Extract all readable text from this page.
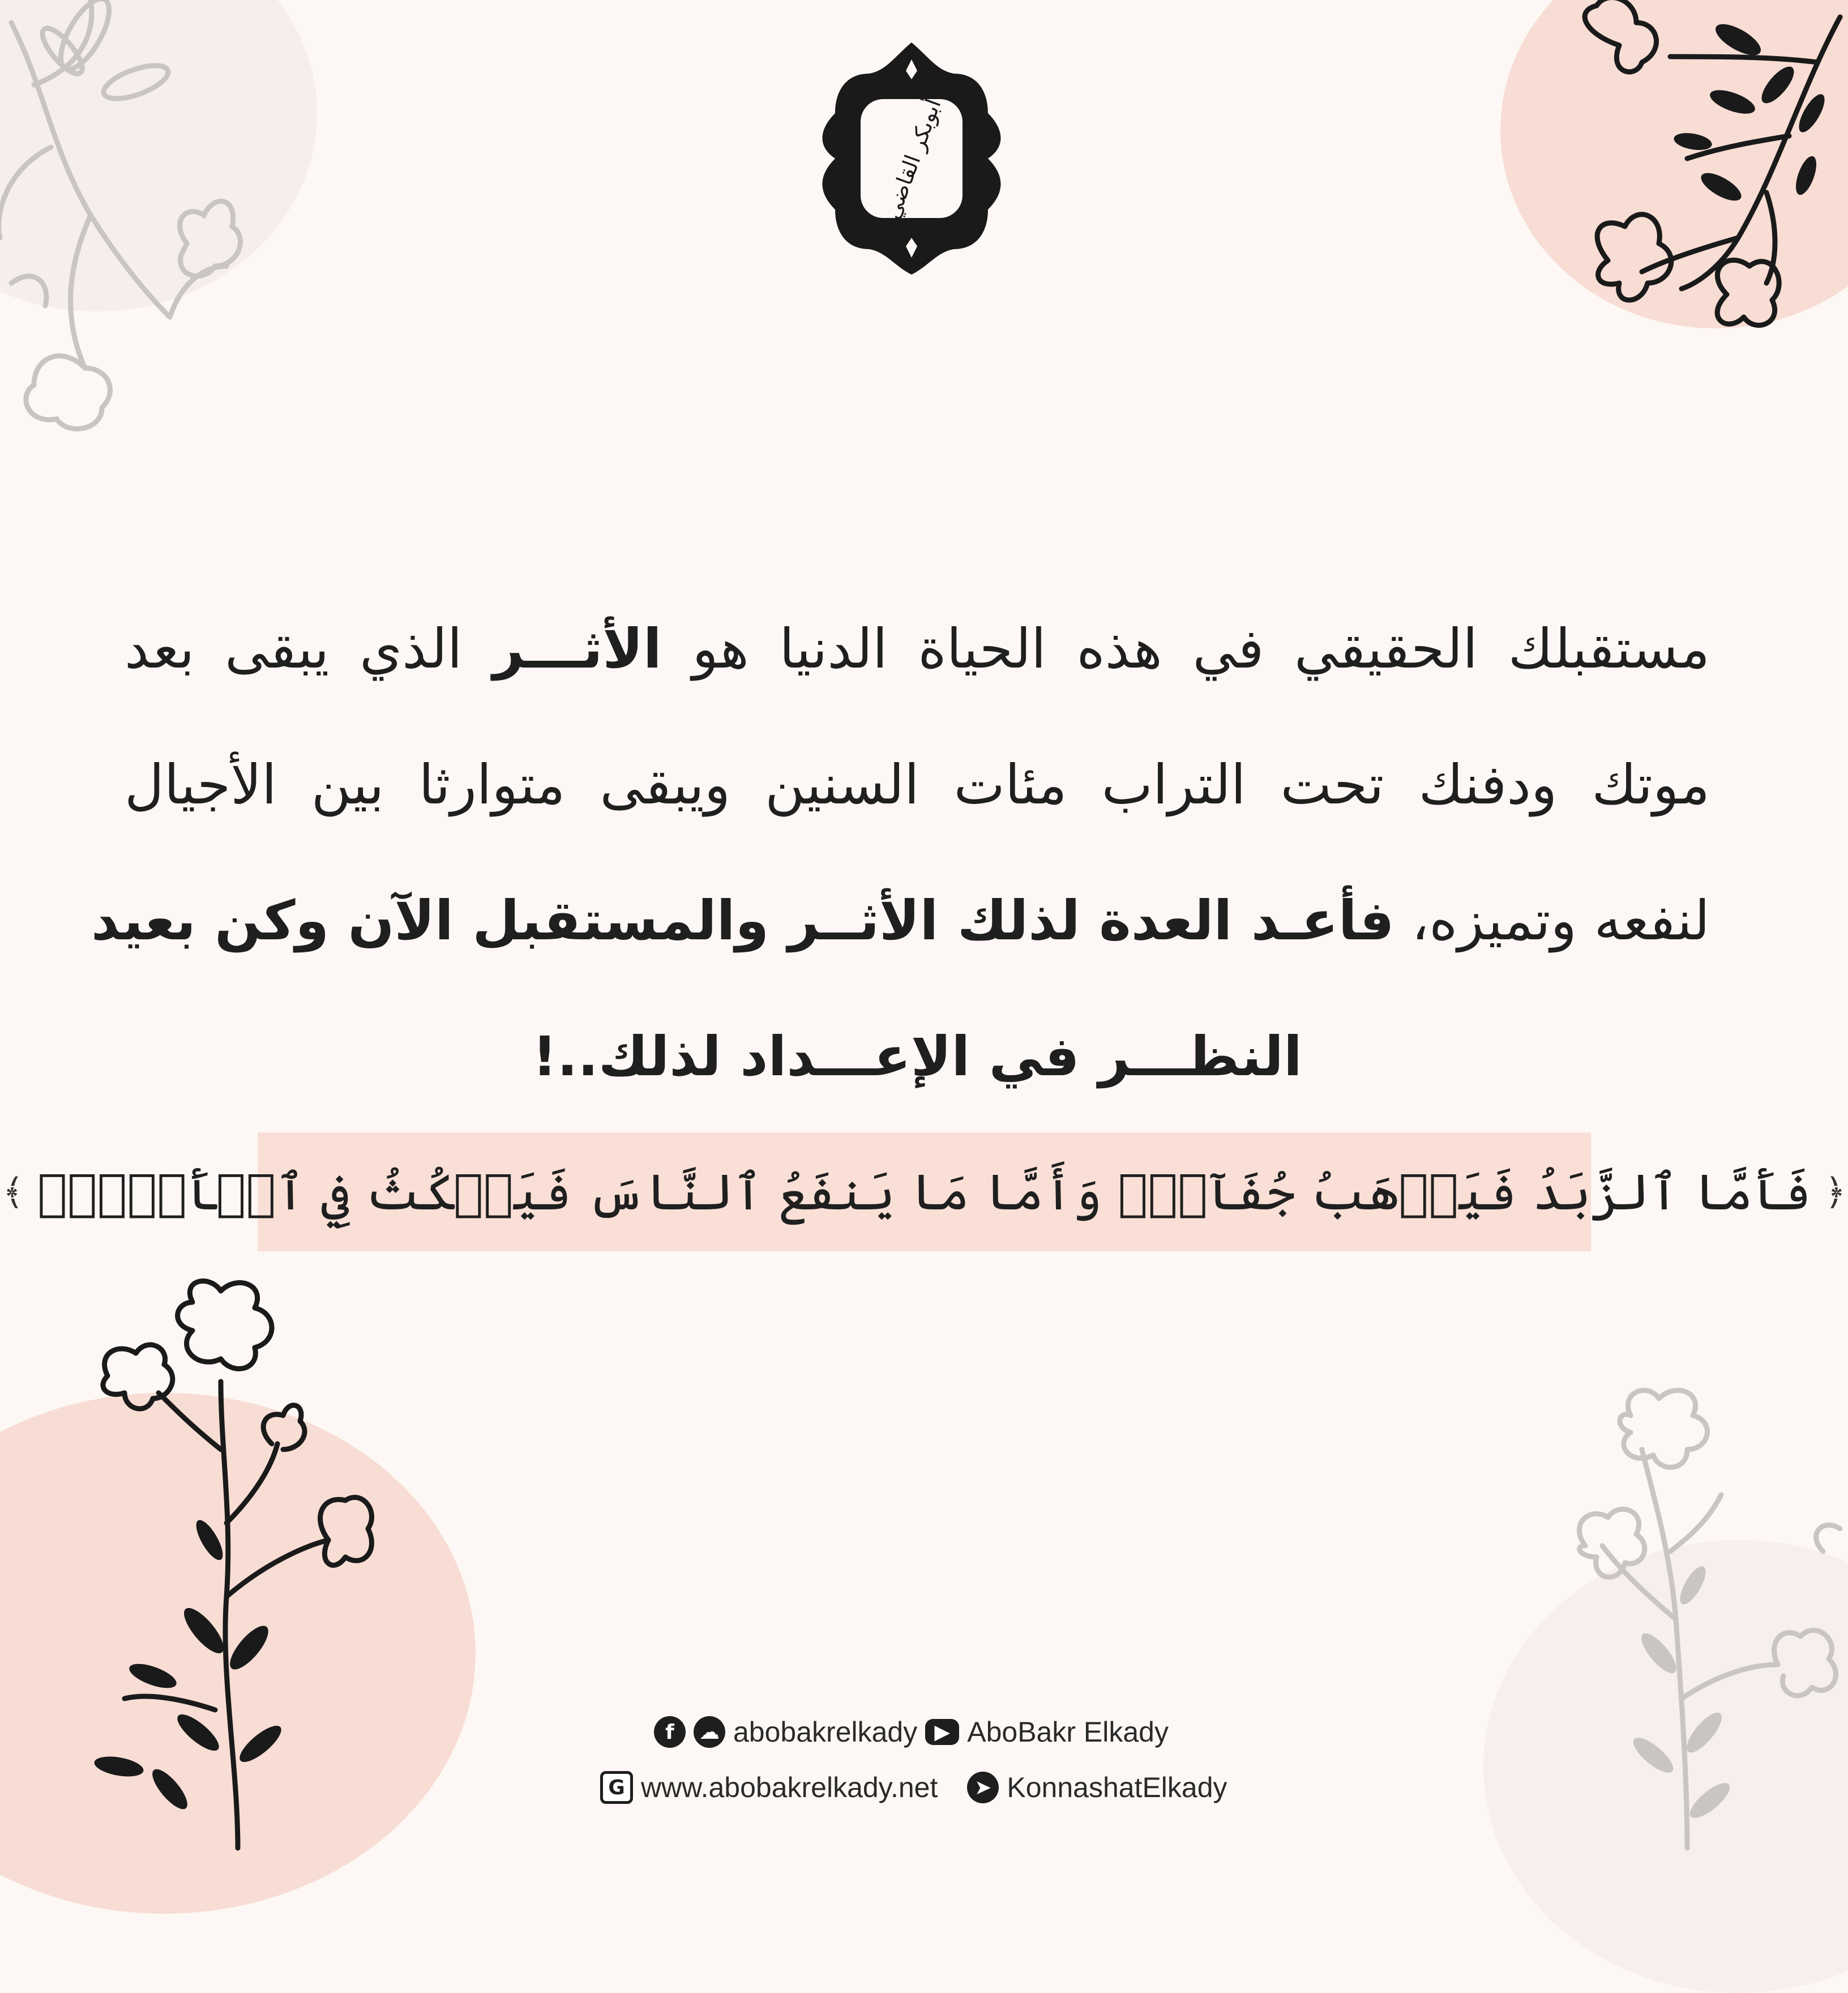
أبوبكر القاضي
مستقبلك الحقيقي في هذه الحياة الدنيا هو الأثـــر الذي يبقى بعد
موتك ودفنك تحت التراب مئات السنين ويبقى متوارثا بين الأجيال
لنفعه وتميزه، فأعـد العدة لذلك الأثــر والمستقبل الآن وكن بعيد
النظـــر في الإعـــداد لذلك..!
﴿
فَأَمَّا ٱلزَّبَدُ فَيَذۡهَبُ جُفَآءٗۖ وَأَمَّا مَا يَنفَعُ ٱلنَّاسَ فَيَمۡكُثُ فِي ٱلۡأَرۡضِۚ
﴾
f	☁ abobakrelkady ▶ AboBakr Elkady
G www.abobakrelkady.net	➤ KonnashatElkady
